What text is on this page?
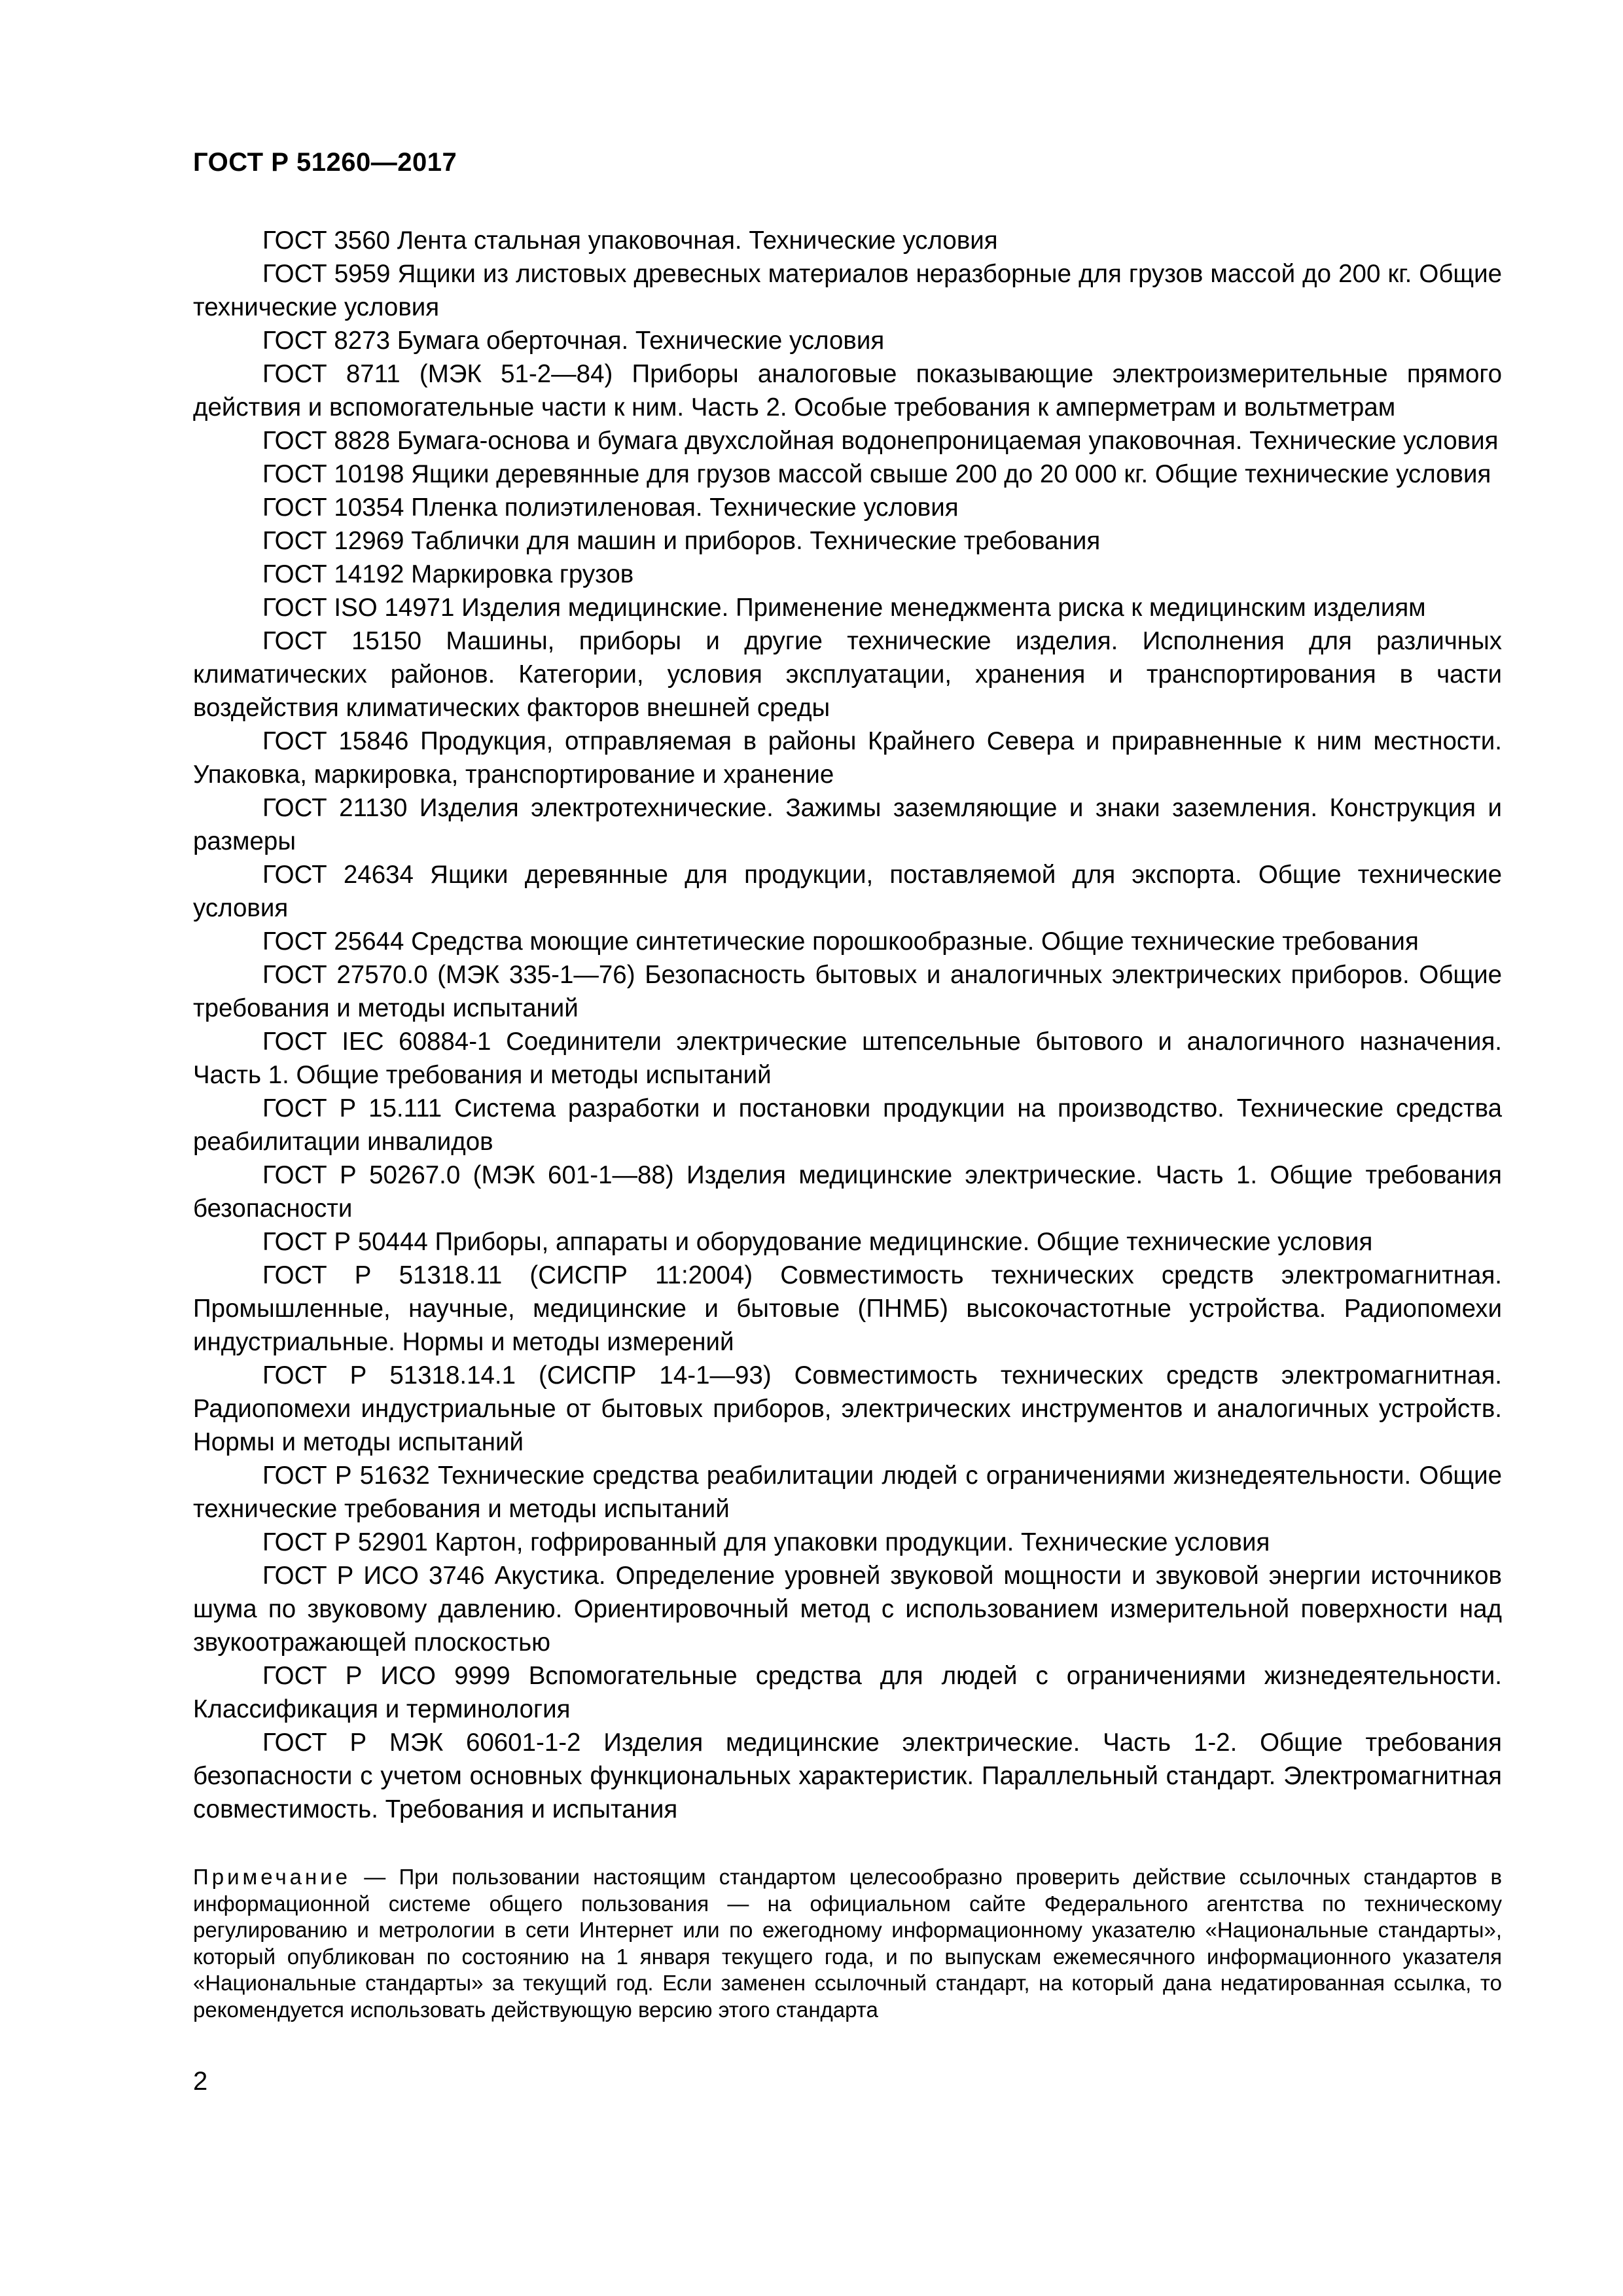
ГОСТ Р 51260—2017

ГОСТ 3560 Лента стальная упаковочная. Технические условия

ГОСТ 5959 Ящики из листовых древесных материалов неразборные для грузов массой до 200 кг. Общие технические условия

ГОСТ 8273 Бумага оберточная. Технические условия

ГОСТ 8711 (МЭК 51-2—84) Приборы аналоговые показывающие электроизмерительные прямого действия и вспомогательные части к ним. Часть 2. Особые требования к амперметрам и вольтметрам

ГОСТ 8828 Бумага-основа и бумага двухслойная водонепроницаемая упаковочная. Технические условия

ГОСТ 10198 Ящики деревянные для грузов массой свыше 200 до 20 000 кг. Общие технические условия

ГОСТ 10354 Пленка полиэтиленовая. Технические условия

ГОСТ 12969 Таблички для машин и приборов. Технические требования

ГОСТ 14192 Маркировка грузов

ГОСТ ISO 14971 Изделия медицинские. Применение менеджмента риска к медицинским изделиям

ГОСТ 15150 Машины, приборы и другие технические изделия. Исполнения для различных климатических районов. Категории, условия эксплуатации, хранения и транспортирования в части воздействия климатических факторов внешней среды

ГОСТ 15846 Продукция, отправляемая в районы Крайнего Севера и приравненные к ним местности. Упаковка, маркировка, транспортирование и хранение

ГОСТ 21130 Изделия электротехнические. Зажимы заземляющие и знаки заземления. Конструкция и размеры

ГОСТ 24634 Ящики деревянные для продукции, поставляемой для экспорта. Общие технические условия

ГОСТ 25644 Средства моющие синтетические порошкообразные. Общие технические требования

ГОСТ 27570.0 (МЭК 335-1—76) Безопасность бытовых и аналогичных электрических приборов. Общие требования и методы испытаний

ГОСТ IEC 60884-1 Соединители электрические штепсельные бытового и аналогичного назначения. Часть 1. Общие требования и методы испытаний

ГОСТ Р 15.111 Система разработки и постановки продукции на производство. Технические средства реабилитации инвалидов

ГОСТ Р 50267.0 (МЭК 601-1—88) Изделия медицинские электрические. Часть 1. Общие требования безопасности

ГОСТ Р 50444 Приборы, аппараты и оборудование медицинские. Общие технические условия

ГОСТ Р 51318.11 (СИСПР 11:2004) Совместимость технических средств электромагнитная. Промышленные, научные, медицинские и бытовые (ПНМБ) высокочастотные устройства. Радиопомехи индустриальные. Нормы и методы измерений

ГОСТ Р 51318.14.1 (СИСПР 14-1—93) Совместимость технических средств электромагнитная. Радиопомехи индустриальные от бытовых приборов, электрических инструментов и аналогичных устройств. Нормы и методы испытаний

ГОСТ Р 51632 Технические средства реабилитации людей с ограничениями жизнедеятельности. Общие технические требования и методы испытаний

ГОСТ Р 52901 Картон, гофрированный для упаковки продукции. Технические условия

ГОСТ Р ИСО 3746 Акустика. Определение уровней звуковой мощности и звуковой энергии источников шума по звуковому давлению. Ориентировочный метод с использованием измерительной поверхности над звукоотражающей плоскостью

ГОСТ Р ИСО 9999 Вспомогательные средства для людей с ограничениями жизнедеятельности. Классификация и терминология

ГОСТ Р МЭК 60601-1-2 Изделия медицинские электрические. Часть 1-2. Общие требования безопасности с учетом основных функциональных характеристик. Параллельный стандарт. Электромагнитная совместимость. Требования и испытания

Примечание — При пользовании настоящим стандартом целесообразно проверить действие ссылочных стандартов в информационной системе общего пользования — на официальном сайте Федерального агентства по техническому регулированию и метрологии в сети Интернет или по ежегодному информационному указателю «Национальные стандарты», который опубликован по состоянию на 1 января текущего года, и по выпускам ежемесячного информационного указателя «Национальные стандарты» за текущий год. Если заменен ссылочный стандарт, на который дана недатированная ссылка, то рекомендуется использовать действующую версию этого стандарта

2
